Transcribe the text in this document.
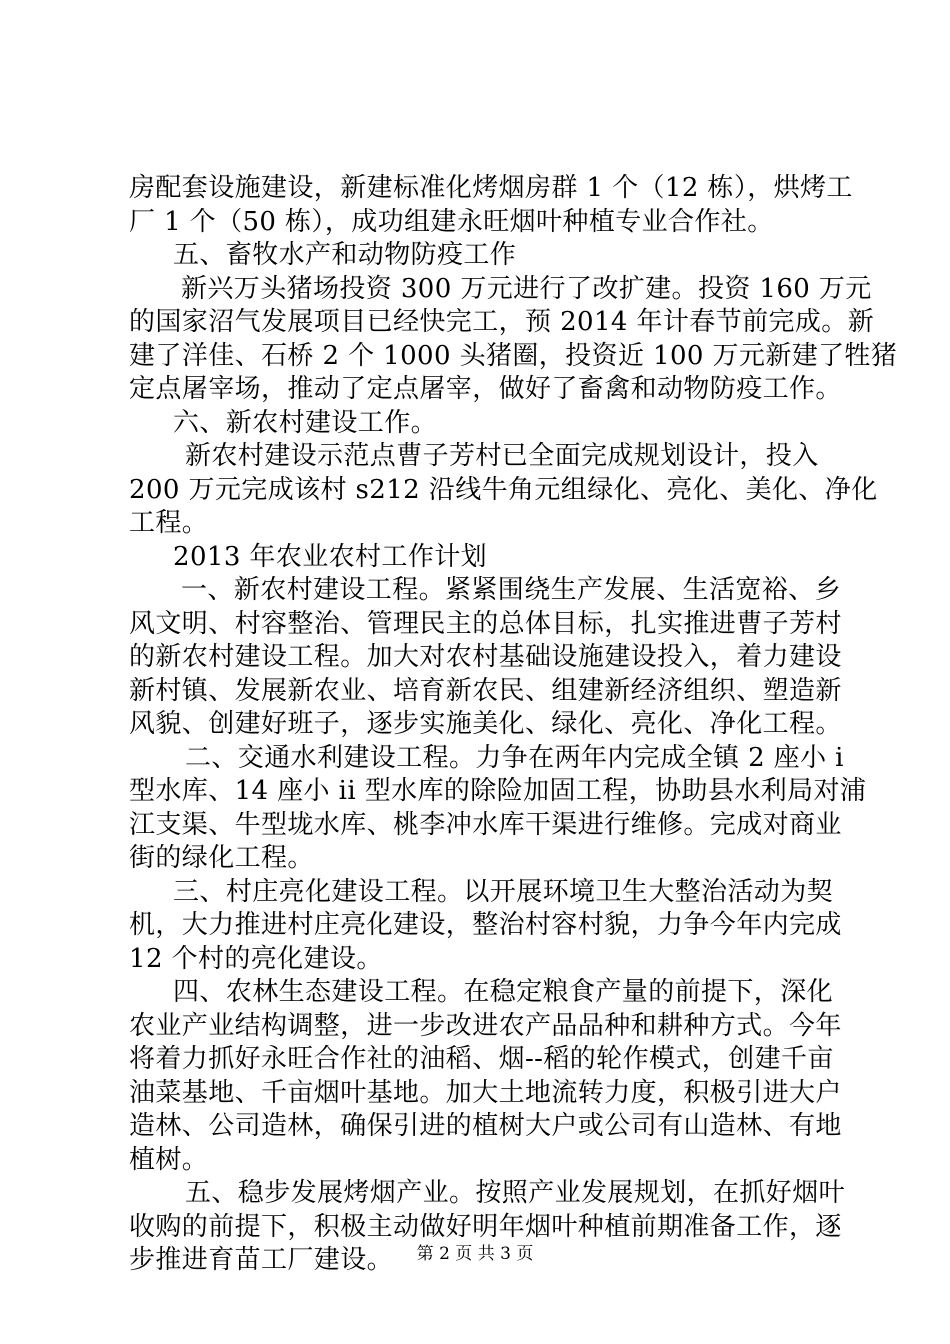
房配套设施建设，新建标准化烤烟房群 1 个（12 栋），烘烤工
厂 1 个（50 栋），成功组建永旺烟叶种植专业合作社。
五、畜牧水产和动物防疫工作
新兴万头猪场投资 300 万元进行了改扩建。投资 160 万元
的国家沼气发展项目已经快完工，预 2014 年计春节前完成。新
建了洋佳、石桥 2 个 1000 头猪圈，投资近 100 万元新建了牲猪
定点屠宰场，推动了定点屠宰，做好了畜禽和动物防疫工作。
六、新农村建设工作。
新农村建设示范点曹子芳村已全面完成规划设计，投入
200 万元完成该村 s212 沿线牛角元组绿化、亮化、美化、净化
工程。
2013 年农业农村工作计划
一、新农村建设工程。紧紧围绕生产发展、生活宽裕、乡
风文明、村容整治、管理民主的总体目标，扎实推进曹子芳村
的新农村建设工程。加大对农村基础设施建设投入，着力建设
新村镇、发展新农业、培育新农民、组建新经济组织、塑造新
风貌、创建好班子，逐步实施美化、绿化、亮化、净化工程。
二、交通水利建设工程。力争在两年内完成全镇 2 座小 i
型水库、14 座小 ii 型水库的除险加固工程，协助县水利局对浦
江支渠、牛型垅水库、桃李冲水库干渠进行维修。完成对商业
街的绿化工程。
三、村庄亮化建设工程。以开展环境卫生大整治活动为契
机，大力推进村庄亮化建设，整治村容村貌，力争今年内完成
12 个村的亮化建设。
四、农林生态建设工程。在稳定粮食产量的前提下，深化
农业产业结构调整，进一步改进农产品品种和耕种方式。今年
将着力抓好永旺合作社的油稻、烟--稻的轮作模式，创建千亩
油菜基地、千亩烟叶基地。加大土地流转力度，积极引进大户
造林、公司造林，确保引进的植树大户或公司有山造林、有地
植树。
五、稳步发展烤烟产业。按照产业发展规划，在抓好烟叶
收购的前提下，积极主动做好明年烟叶种植前期准备工作，逐
步推进育苗工厂建设。	第 2 页 共 3 页
